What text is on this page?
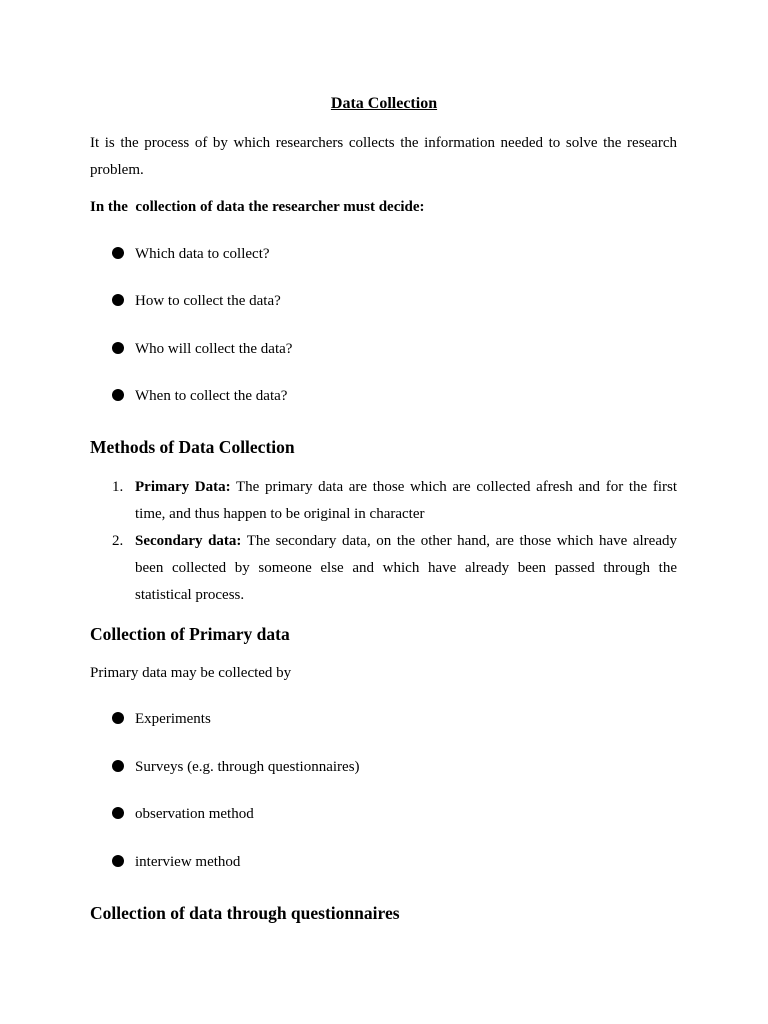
Data Collection

It is the process of by which researchers collects the information needed to solve the research problem.

In the  collection of data the researcher must decide:

Which data to collect?
How to collect the data?
Who will collect the data?
When to collect the data?
Methods of Data Collection
1. Primary Data: The primary data are those which are collected afresh and for the first time, and thus happen to be original in character
2. Secondary data: The secondary data, on the other hand, are those which have already been collected by someone else and which have already been passed through the statistical process.
Collection of Primary data

Primary data may be collected by

Experiments
Surveys (e.g. through questionnaires)
observation method
interview method
Collection of data through questionnaires
